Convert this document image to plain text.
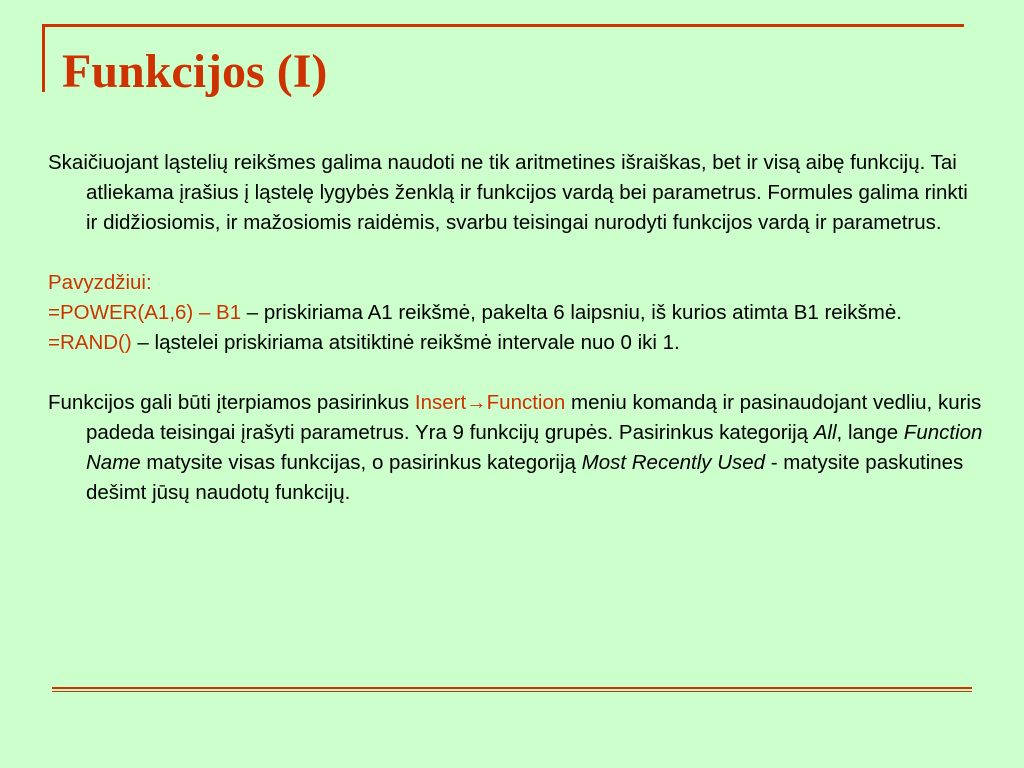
Funkcijos (I)

Skaičiuojant ląstelių reikšmes galima naudoti ne tik aritmetines išraiškas, bet ir visą aibę funkcijų. Tai atliekama įrašius į ląstelę lygybės ženklą ir funkcijos vardą bei parametrus. Formules galima rinkti ir didžiosiomis, ir mažosiomis raidėmis, svarbu teisingai nurodyti funkcijos vardą ir parametrus.

Pavyzdžiui:

=POWER(A1,6) – B1 – priskiriama A1 reikšmė, pakelta 6 laipsniu, iš kurios atimta B1 reikšmė.

=RAND() – ląstelei priskiriama atsitiktinė reikšmė intervale nuo 0 iki 1.

Funkcijos gali būti įterpiamos pasirinkus Insert→Function meniu komandą ir pasinaudojant vedliu, kuris padeda teisingai įrašyti parametrus. Yra 9 funkcijų grupės. Pasirinkus kategoriją All, lange Function Name matysite visas funkcijas, o pasirinkus kategoriją Most Recently Used - matysite paskutines dešimt jūsų naudotų funkcijų.
